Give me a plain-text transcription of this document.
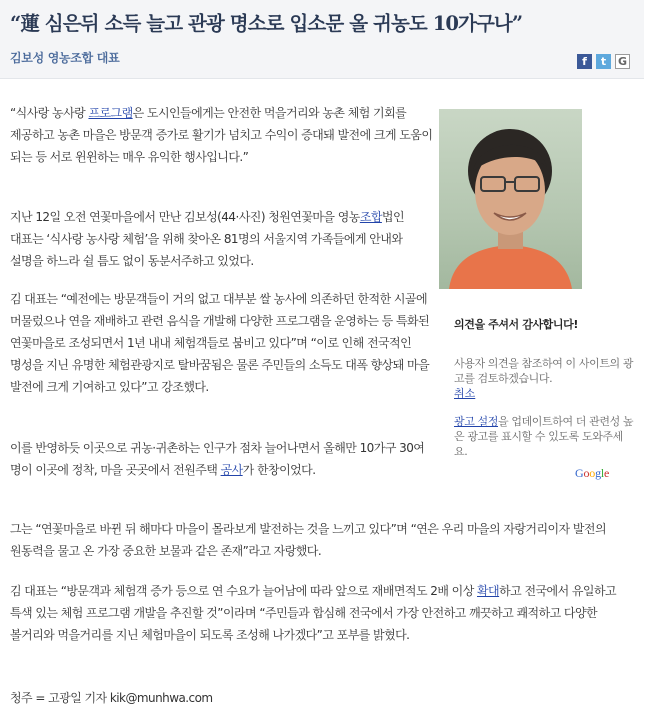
“蓮 심은뒤 소득 늘고 관광 명소로 입소문 올 귀농도 10가구나”
김보성 영농조합 대표	f	t	G
“식사랑 농사랑 프로그램은 도시인들에게는 안전한 먹을거리와 농촌 체험 기회를 제공하고 농촌 마을은 방문객 증가로 활기가 넘치고 수익이 증대돼 발전에 크게 도움이 되는 등 서로 윈윈하는 매우 유익한 행사입니다.”
지난 12일 오전 연꽃마을에서 만난 김보성(44·사진) 청원연꽃마을 영농조합법인 대표는 ‘식사랑 농사랑 체험’을 위해 찾아온 81명의 서울지역 가족들에게 안내와 설명을 하느라 쉴 틈도 없이 동분서주하고 있었다.
김 대표는 “예전에는 방문객들이 거의 없고 대부분 쌀 농사에 의존하던 한적한 시골에 머물렀으나 연을 재배하고 관련 음식을 개발해 다양한 프로그램을 운영하는 등 특화된 연꽃마을로 조성되면서 1년 내내 체험객들로 붐비고 있다”며 “이로 인해 전국적인 명성을 지닌 유명한 체험관광지로 탈바꿈됨은 물론 주민들의 소득도 대폭 향상돼 마을 발전에 크게 기여하고 있다”고 강조했다.
이를 반영하듯 이곳으로 귀농·귀촌하는 인구가 점차 늘어나면서 올해만 10가구 30여 명이 이곳에 정착, 마을 곳곳에서 전원주택 공사가 한창이었다.
그는 “연꽃마을로 바뀐 뒤 해마다 마을이 몰라보게 발전하는 것을 느끼고 있다”며 “연은 우리 마을의 자랑거리이자 발전의 원동력을 물고 온 가장 중요한 보물과 같은 존재”라고 자랑했다.
김 대표는 “방문객과 체험객 증가 등으로 연 수요가 늘어남에 따라 앞으로 재배면적도 2배 이상 확대하고 전국에서 유일하고 특색 있는 체험 프로그램 개발을 추진할 것”이라며 “주민들과 합심해 전국에서 가장 안전하고 깨끗하고 쾌적하고 다양한 볼거리와 먹을거리를 지닌 체험마을이 되도록 조성해 나가겠다”고 포부를 밝혔다.
청주 = 고광일 기자 kik@munhwa.com
의견을 주셔서 감사합니다!
사용자 의견을 참조하여 이 사이트의 광고를 검토하겠습니다.
취소
광고 설정을 업데이트하여 더 관련성 높은 광고를 표시할 수 있도록 도와주세요.
Google
